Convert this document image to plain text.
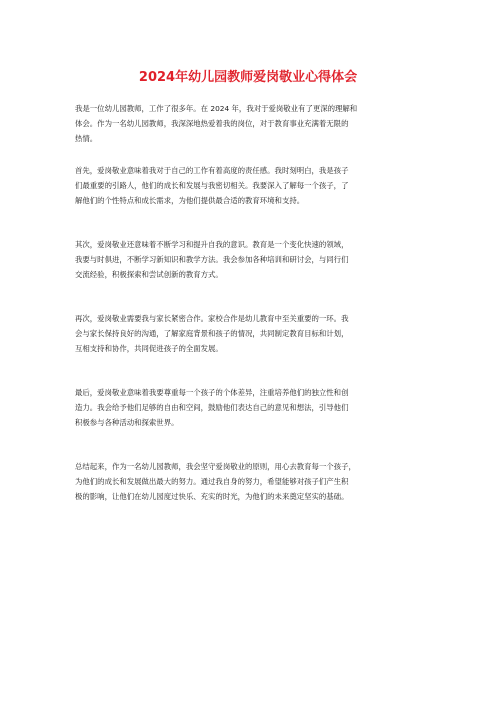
2024年幼儿园教师爱岗敬业心得体会

我是一位幼儿园教师，工作了很多年。在 2024 年，我对于爱岗敬业有了更深的理解和
体会。作为一名幼儿园教师，我深深地热爱着我的岗位，对于教育事业充满着无限的
热情。

首先，爱岗敬业意味着我对于自己的工作有着高度的责任感。我时刻明白，我是孩子
们最重要的引路人，他们的成长和发展与我密切相关。我要深入了解每一个孩子，了
解他们的个性特点和成长需求，为他们提供最合适的教育环境和支持。

其次，爱岗敬业还意味着不断学习和提升自我的意识。教育是一个变化快速的领域，
我要与时俱进，不断学习新知识和教学方法。我会参加各种培训和研讨会，与同行们
交流经验，积极探索和尝试创新的教育方式。

再次，爱岗敬业需要我与家长紧密合作。家校合作是幼儿教育中至关重要的一环。我
会与家长保持良好的沟通，了解家庭背景和孩子的情况，共同制定教育目标和计划，
互相支持和协作，共同促进孩子的全面发展。

最后，爱岗敬业意味着我要尊重每一个孩子的个体差异，注重培养他们的独立性和创
造力。我会给予他们足够的自由和空间，鼓励他们表达自己的意见和想法，引导他们
积极参与各种活动和探索世界。

总结起来，作为一名幼儿园教师，我会坚守爱岗敬业的原则，用心去教育每一个孩子，
为他们的成长和发展做出最大的努力。通过我自身的努力，希望能够对孩子们产生积
极的影响，让他们在幼儿园度过快乐、充实的时光，为他们的未来奠定坚实的基础。
